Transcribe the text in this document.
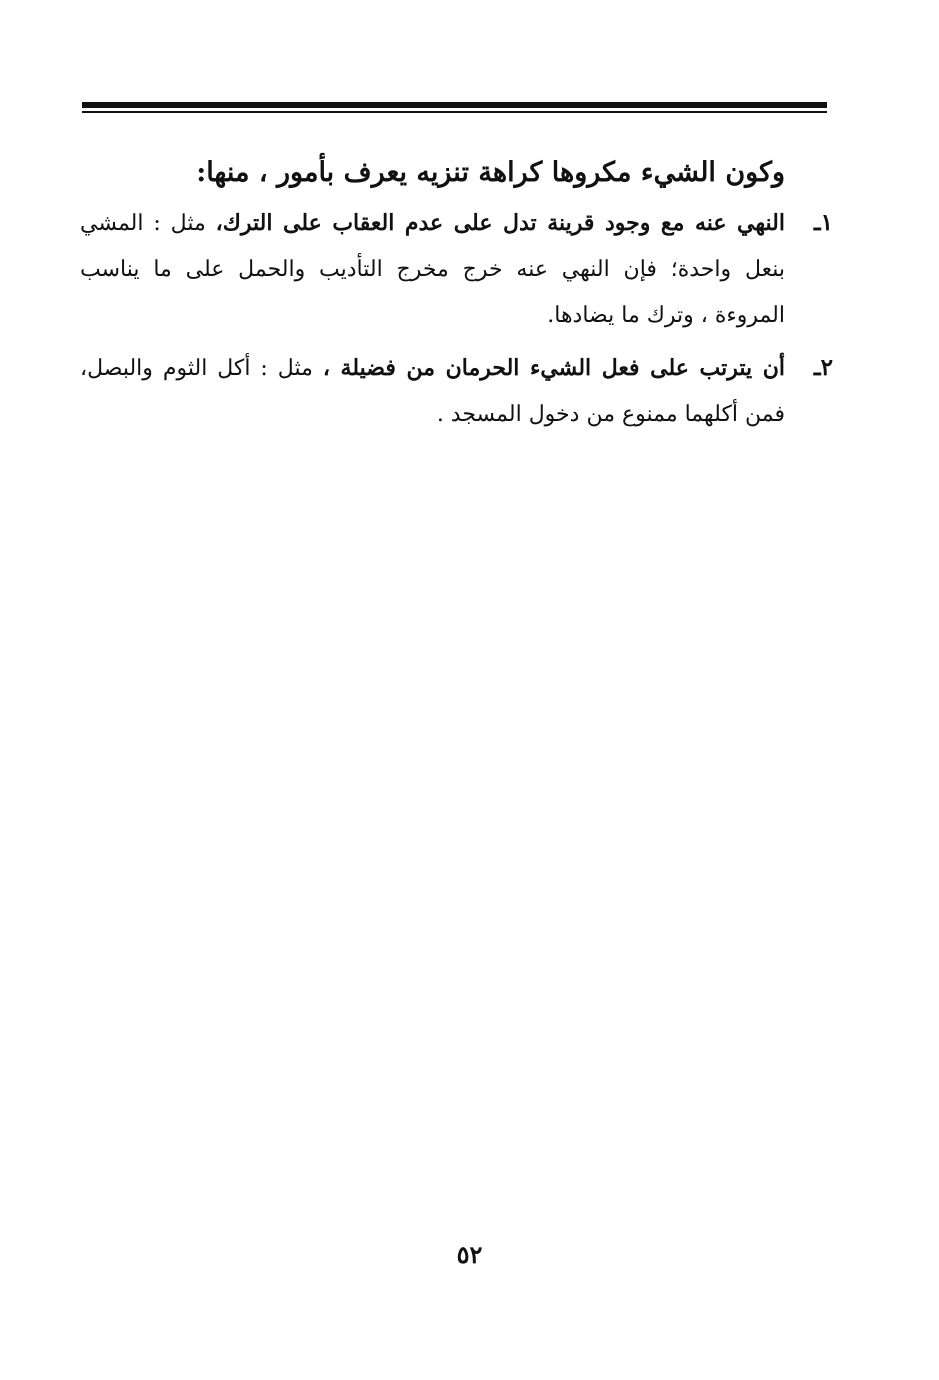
وكون الشيء مكروها كراهة تنزيه يعرف بأمور ، منها:

١ـ
النهي عنه مع وجود قرينة تدل على عدم العقاب على الترك، مثل : المشي بنعل واحدة؛ فإن النهي عنه خرج مخرج التأديب والحمل على ما يناسب المروءة ، وترك ما يضادها.
٢ـ
أن يترتب على فعل الشيء الحرمان من فضيلة ، مثل : أكل الثوم والبصل، فمن أكلهما ممنوع من دخول المسجد .
٥٢
